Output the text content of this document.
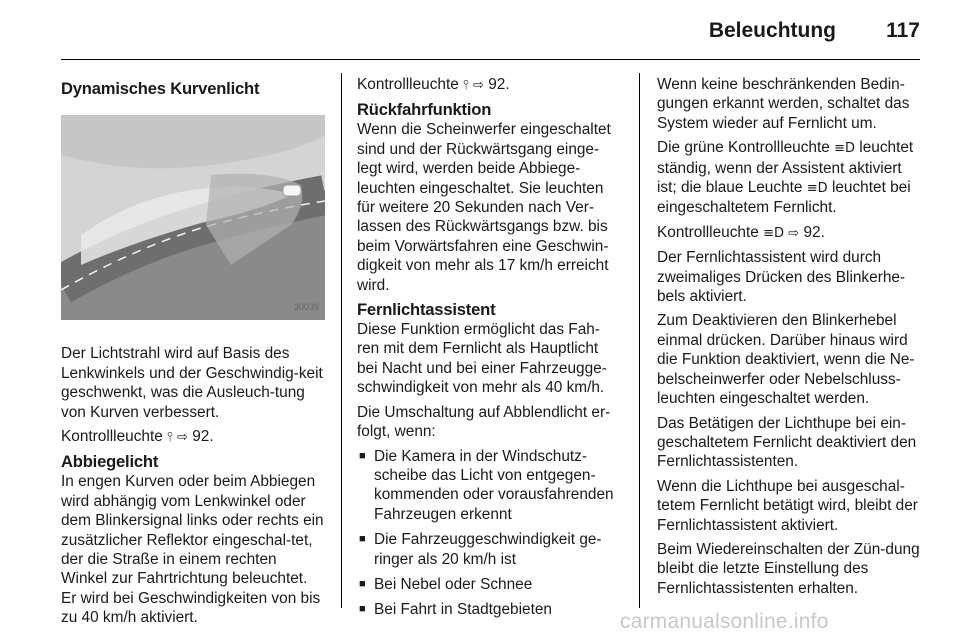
Beleuchtung 117
Dynamisches Kurvenlicht
30039

Der Lichtstrahl wird auf Basis des Lenkwinkels und der Geschwindig-keit geschwenkt, was die Ausleuch-tung von Kurven verbessert.

Kontrollleuchte ⫯ ⇨ 92.

Abbiegelicht

In engen Kurven oder beim Abbiegen wird abhängig vom Lenkwinkel oder dem Blinkersignal links oder rechts ein zusätzlicher Reflektor eingeschal-tet, der die Straße in einem rechten Winkel zur Fahrtrichtung beleuchtet. Er wird bei Geschwindigkeiten von bis zu 40 km/h aktiviert.

Kontrollleuchte ⫯ ⇨ 92.

Rückfahrfunktion

Wenn die Scheinwerfer eingeschaltet sind und der Rückwärtsgang einge-legt wird, werden beide Abbiege-leuchten eingeschaltet. Sie leuchten für weitere 20 Sekunden nach Ver-lassen des Rückwärtsgangs bzw. bis beim Vorwärtsfahren eine Geschwin-digkeit von mehr als 17 km/h erreicht wird.

Fernlichtassistent

Diese Funktion ermöglicht das Fah-ren mit dem Fernlicht als Hauptlicht bei Nacht und bei einer Fahrzeugge-schwindigkeit von mehr als 40 km/h.

Die Umschaltung auf Abblendlicht er-folgt, wenn:

■ Die Kamera in der Windschutz-scheibe das Licht von entgegen-kommenden oder vorausfahrenden Fahrzeugen erkennt
■ Die Fahrzeuggeschwindigkeit ge-ringer als 20 km/h ist
■ Bei Nebel oder Schnee
■ Bei Fahrt in Stadtgebieten

Wenn keine beschränkenden Bedin-gungen erkannt werden, schaltet das System wieder auf Fernlicht um.

Die grüne Kontrollleuchte ≡D leuchtet ständig, wenn der Assistent aktiviert ist; die blaue Leuchte ≡D leuchtet bei eingeschaltetem Fernlicht.

Kontrollleuchte ≡D ⇨ 92.

Der Fernlichtassistent wird durch zweimaliges Drücken des Blinkerhe-bels aktiviert.

Zum Deaktivieren den Blinkerhebel einmal drücken. Darüber hinaus wird die Funktion deaktiviert, wenn die Ne-belscheinwerfer oder Nebelschluss-leuchten eingeschaltet werden.

Das Betätigen der Lichthupe bei ein-geschaltetem Fernlicht deaktiviert den Fernlichtassistenten.

Wenn die Lichthupe bei ausgeschal-tetem Fernlicht betätigt wird, bleibt der Fernlichtassistent aktiviert.

Beim Wiedereinschalten der Zün-dung bleibt die letzte Einstellung des Fernlichtassistenten erhalten.

carmanualsonline.info
